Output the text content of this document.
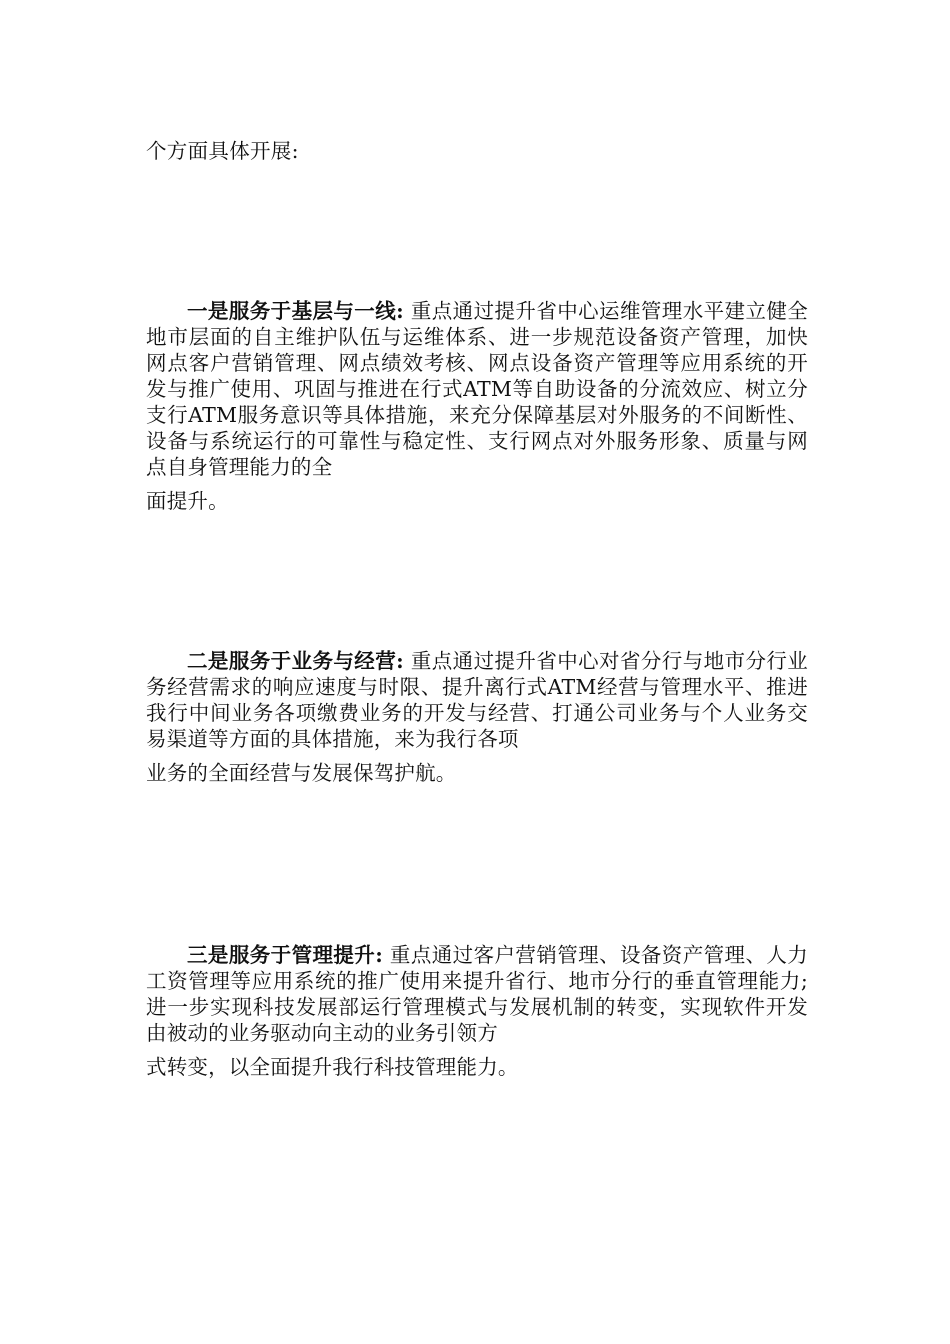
个方面具体开展:

一是服务于基层与一线: 重点通过提升省中心运维管理水平建立健全地市层面的自主维护队伍与运维体系、进一步规范设备资产管理，加快网点客户营销管理、网点绩效考核、网点设备资产管理等应用系统的开发与推广使用、巩固与推进在行式ATM等自助设备的分流效应、树立分支行ATM服务意识等具体措施，来充分保障基层对外服务的不间断性、设备与系统运行的可靠性与稳定性、支行网点对外服务形象、质量与网点自身管理能力的全
面提升。

二是服务于业务与经营: 重点通过提升省中心对省分行与地市分行业务经营需求的响应速度与时限、提升离行式ATM经营与管理水平、推进我行中间业务各项缴费业务的开发与经营、打通公司业务与个人业务交易渠道等方面的具体措施，来为我行各项
业务的全面经营与发展保驾护航。

三是服务于管理提升: 重点通过客户营销管理、设备资产管理、人力工资管理等应用系统的推广使用来提升省行、地市分行的垂直管理能力; 进一步实现科技发展部运行管理模式与发展机制的转变，实现软件开发由被动的业务驱动向主动的业务引领方
式转变，以全面提升我行科技管理能力。
